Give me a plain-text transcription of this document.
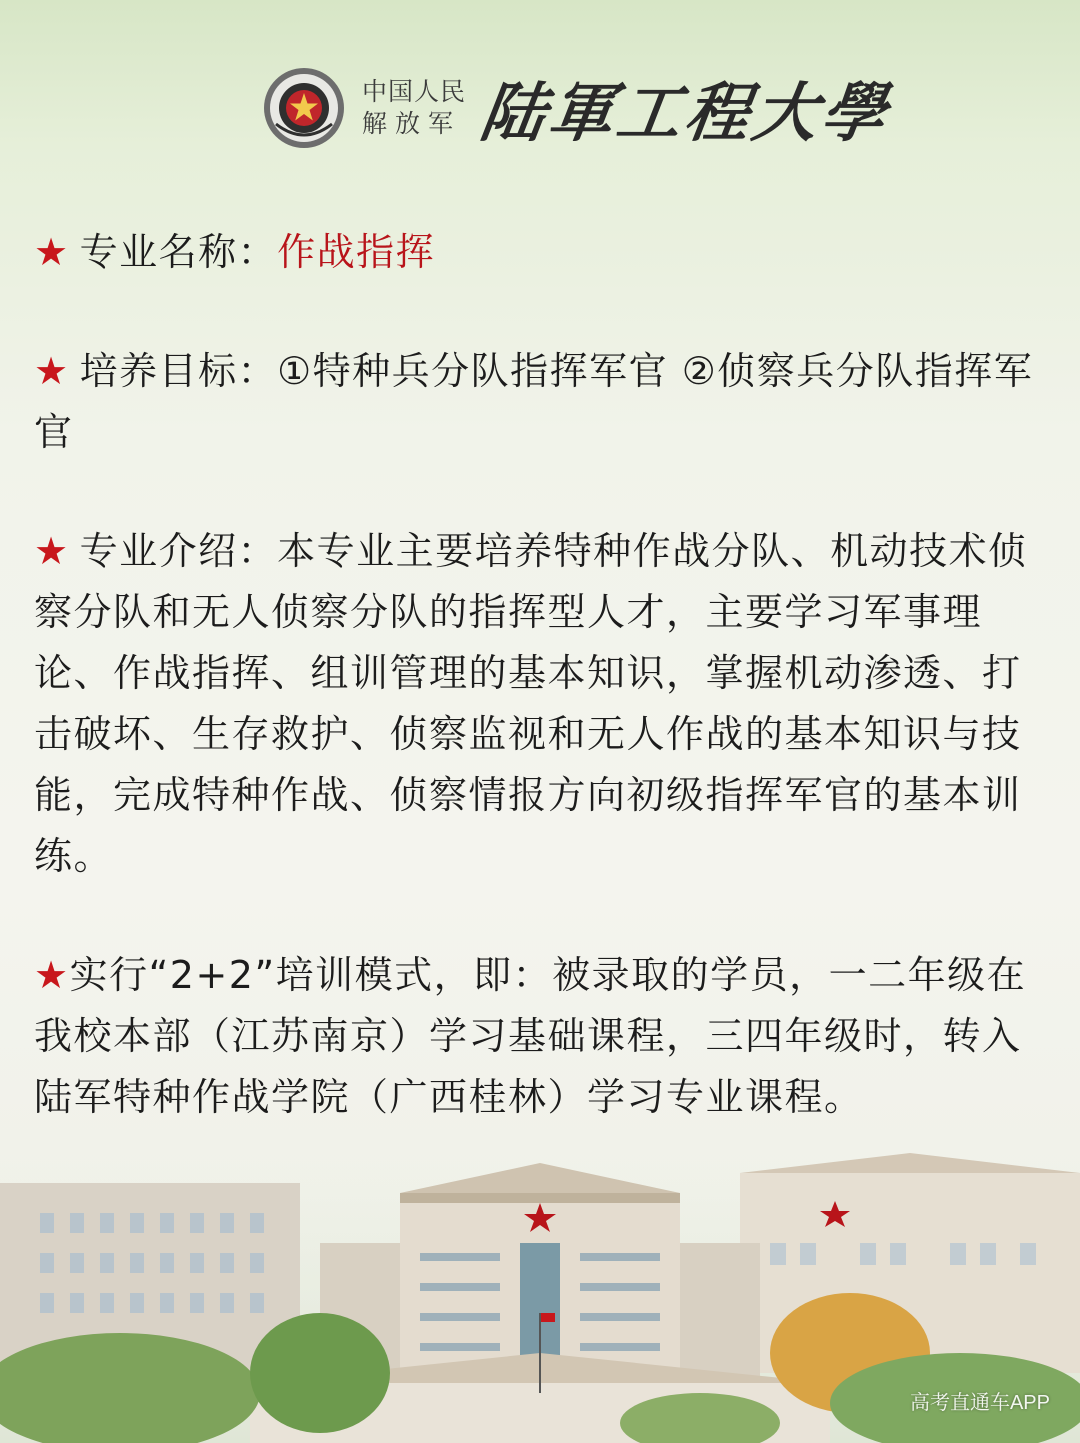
中国人民
解放军 陆軍工程大學

★ 专业名称：作战指挥

★ 培养目标：①特种兵分队指挥军官 ②侦察兵分队指挥军官

★ 专业介绍：本专业主要培养特种作战分队、机动技术侦察分队和无人侦察分队的指挥型人才，主要学习军事理论、作战指挥、组训管理的基本知识，掌握机动渗透、打击破坏、生存救护、侦察监视和无人作战的基本知识与技能，完成特种作战、侦察情报方向初级指挥军官的基本训练。

★实行“2+2”培训模式，即：被录取的学员，一二年级在我校本部（江苏南京）学习基础课程，三四年级时，转入陆军特种作战学院（广西桂林）学习专业课程。

高考直通车APP
